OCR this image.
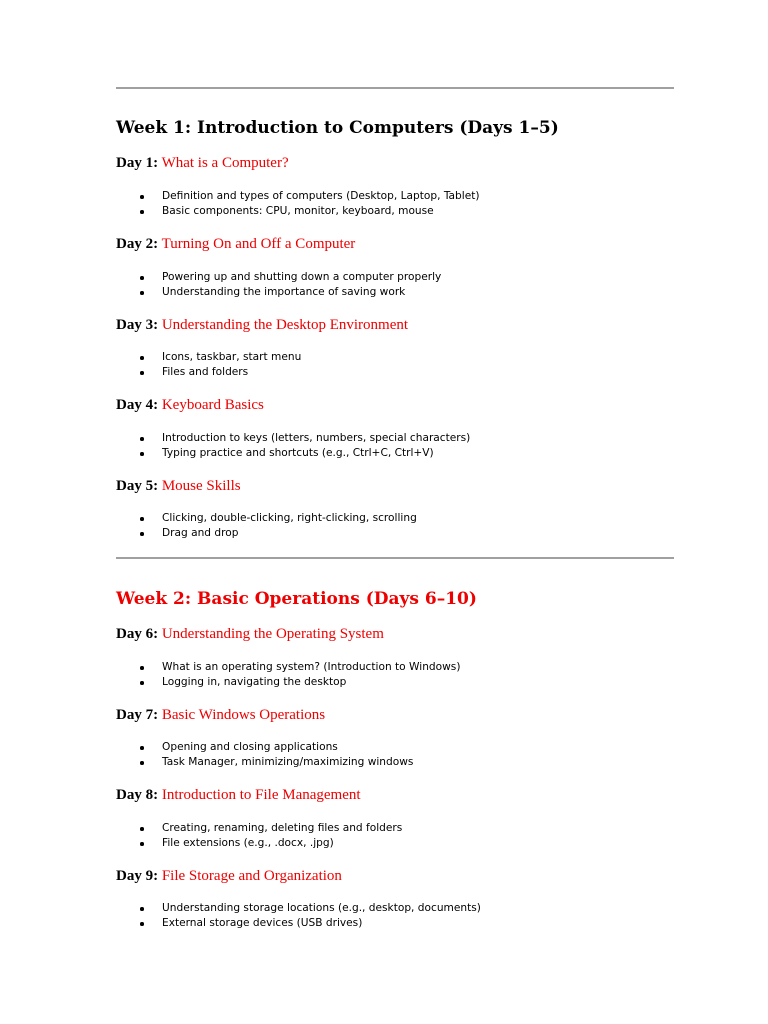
Week 1: Introduction to Computers (Days 1–5)

Day 1: What is a Computer?

Definition and types of computers (Desktop, Laptop, Tablet)
Basic components: CPU, monitor, keyboard, mouse

Day 2: Turning On and Off a Computer

Powering up and shutting down a computer properly
Understanding the importance of saving work

Day 3: Understanding the Desktop Environment

Icons, taskbar, start menu
Files and folders

Day 4: Keyboard Basics

Introduction to keys (letters, numbers, special characters)
Typing practice and shortcuts (e.g., Ctrl+C, Ctrl+V)

Day 5: Mouse Skills

Clicking, double-clicking, right-clicking, scrolling
Drag and drop
Week 2: Basic Operations (Days 6–10)

Day 6: Understanding the Operating System

What is an operating system? (Introduction to Windows)
Logging in, navigating the desktop

Day 7: Basic Windows Operations

Opening and closing applications
Task Manager, minimizing/maximizing windows

Day 8: Introduction to File Management

Creating, renaming, deleting files and folders
File extensions (e.g., .docx, .jpg)

Day 9: File Storage and Organization

Understanding storage locations (e.g., desktop, documents)
External storage devices (USB drives)
